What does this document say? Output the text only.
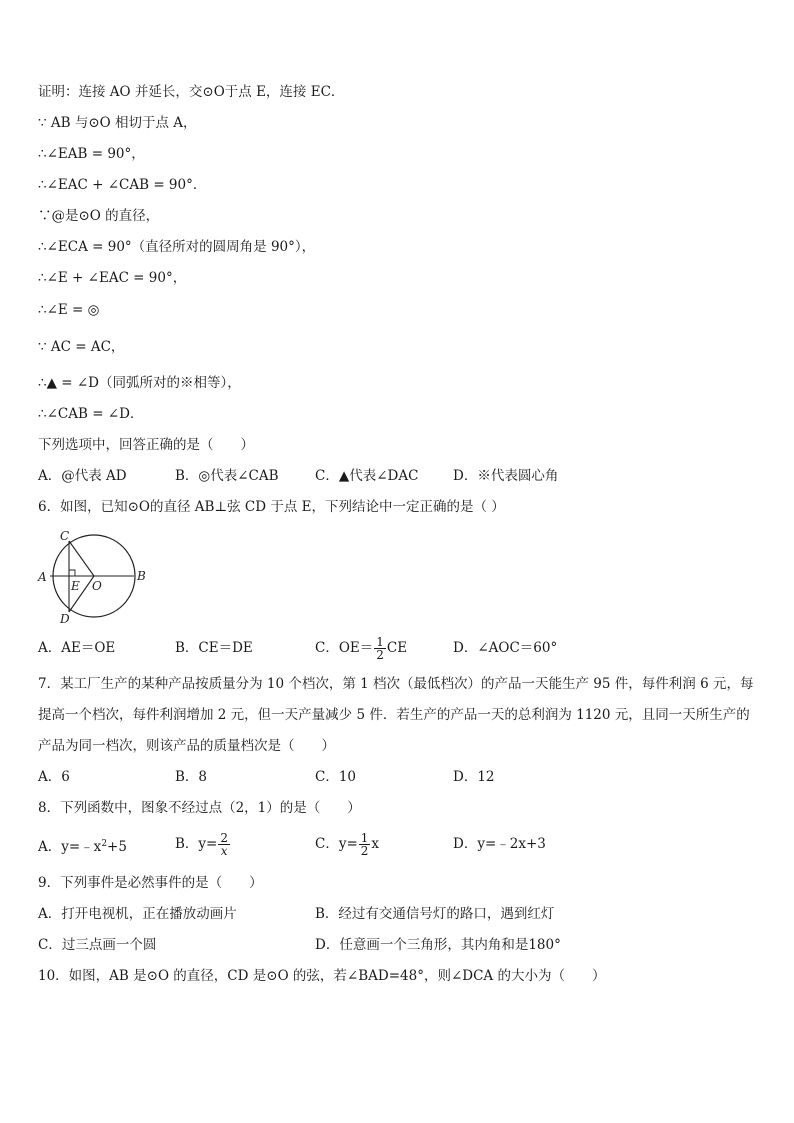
证明：连接 AO 并延长，交⊙O于点 E，连接 EC．
∵ AB 与⊙O 相切于点 A，
∴∠EAB = 90°，
∴∠EAC + ∠CAB = 90°．
∵@是⊙O 的直径，
∴∠ECA = 90°（直径所对的圆周角是 90°），
∴∠E + ∠EAC = 90°，
∴∠E = ◎
∵ AC = AC，
∴▲ = ∠D（同弧所对的※相等），
∴∠CAB = ∠D．
下列选项中，回答正确的是（　　）
A．@代表 AD	B．◎代表∠CAB	C．▲代表∠DAC	D．※代表圆心角
6．如图，已知⊙O的直径 AB⊥弦 CD 于点 E，下列结论中一定正确的是（ ）
C
A
E O
B
D
A．AE＝OE	B．CE＝DE	C．$OE= \frac{1}{2}$ CE	D．∠AOC＝60°
7．某工厂生产的某种产品按质量分为 10 个档次，第 1 档次（最低档次）的产品一天能生产 95 件，每件利润 6 元，每
提高一个档次，每件利润增加 2 元，但一天产量减少 5 件．若生产的产品一天的总利润为 1120 元，且同一天所生产的
产品为同一档次，则该产品的质量档次是（　　）
A．6	B．8	C．10	D．12
8．下列函数中，图象不经过点（2，1）的是（　　）
A．$y=﹣x^2+5$	B．$y= \frac{2}{x}$	C．$y= \frac{1}{2}$ x	D．y=﹣2x+3
9．下列事件是必然事件的是（　　）
A．打开电视机，正在播放动画片	B．经过有交通信号灯的路口，遇到红灯
C．过三点画一个圆	D．任意画一个三角形，其内角和是180°
10．如图，AB 是⊙O 的直径，CD 是⊙O 的弦，若∠BAD=48°，则∠DCA 的大小为（　　）
